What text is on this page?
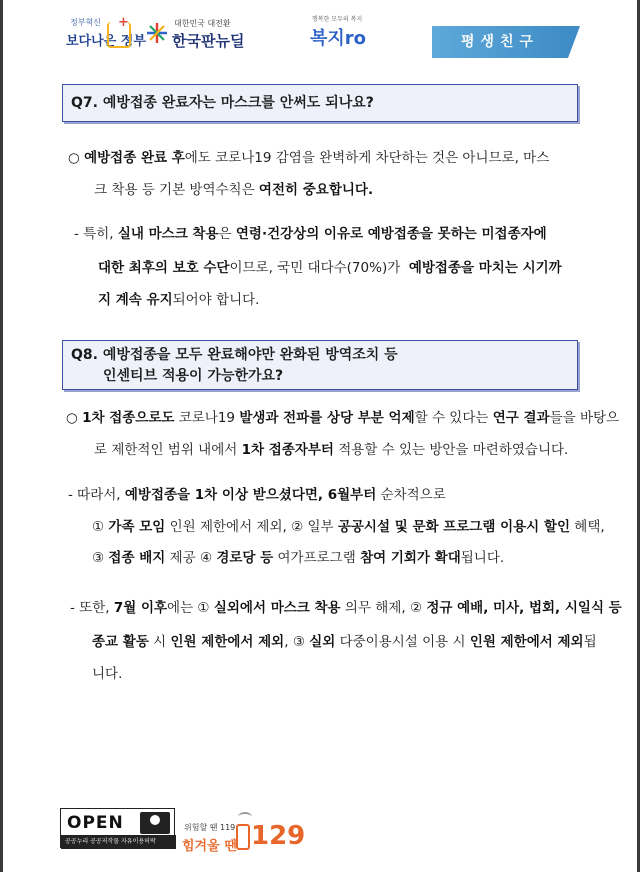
정부혁신
보다나은 정부
+	대한민국 대전환
한국판뉴딜
행복한 모두의 복지
복지ro	평생친구
Q7. 예방접종 완료자는 마스크를 안써도 되나요?
○ 예방접종 완료 후에도 코로나19 감염을 완벽하게 차단하는 것은 아니므로, 마스
크 착용 등 기본 방역수칙은 여전히 중요합니다.
- 특히, 실내 마스크 착용은 연령·건강상의 이유로 예방접종을 못하는 미접종자에
대한 최후의 보호 수단이므로, 국민 대다수(70%)가  예방접종을 마치는 시기까
지 계속 유지되어야 합니다.
Q8. 예방접종을 모두 완료해야만 완화된 방역조치 등
인센티브 적용이 가능한가요?
○ 1차 접종으로도 코로나19 발생과 전파를 상당 부분 억제할 수 있다는 연구 결과들을 바탕으
로 제한적인 범위 내에서 1차 접종자부터 적용할 수 있는 방안을 마련하였습니다.
- 따라서, 예방접종을 1차 이상 받으셨다면, 6월부터 순차적으로
① 가족 모임 인원 제한에서 제외, ② 일부 공공시설 및 문화 프로그램 이용시 할인 혜택,
③ 접종 배지 제공 ④ 경로당 등 여가프로그램 참여 기회가 확대됩니다.
- 또한, 7월 이후에는 ① 실외에서 마스크 착용 의무 해제, ② 정규 예배, 미사, 법회, 시일식 등
종교 활동 시 인원 제한에서 제외, ③ 실외 다중이용시설 이용 시 인원 제한에서 제외됩
니다.
OPEN
공공누리 공공저작물 자유이용허락
위험할 땐 119
힘겨울 땐 129
